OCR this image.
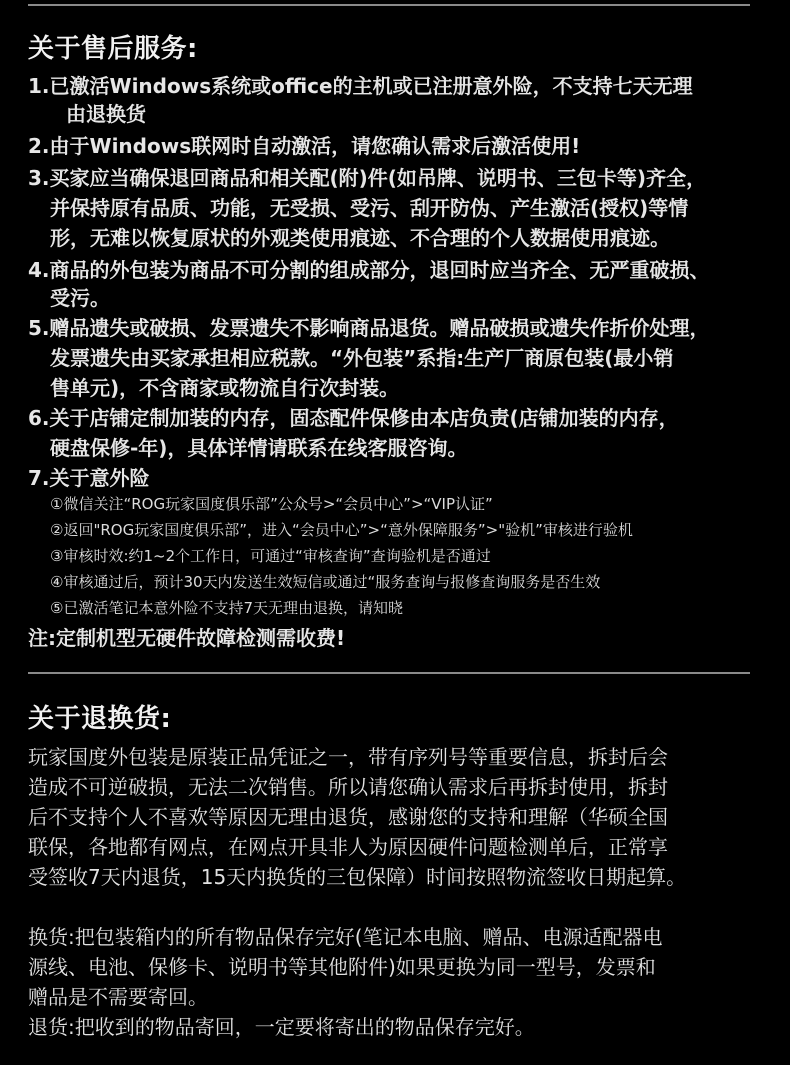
关于售后服务:
1.已激活Windows系统或office的主机或已注册意外险，不支持七天无理
由退换货
2.由于Windows联网时自动激活，请您确认需求后激活使用!
3.买家应当确保退回商品和相关配(附)件(如吊牌、说明书、三包卡等)齐全，
并保持原有品质、功能，无受损、受污、刮开防伪、产生激活(授权)等情
形，无难以恢复原状的外观类使用痕迹、不合理的个人数据使用痕迹。
4.商品的外包装为商品不可分割的组成部分，退回时应当齐全、无严重破损、
受污。
5.赠品遗失或破损、发票遗失不影响商品退货。赠品破损或遗失作折价处理，
发票遗失由买家承担相应税款。“外包装”系指:生产厂商原包装(最小销
售单元)，不含商家或物流自行次封装。
6.关于店铺定制加装的内存，固态配件保修由本店负责(店铺加装的内存，
硬盘保修-年)，具体详情请联系在线客服咨询。
7.关于意外险
①微信关注“ROG玩家国度俱乐部”公众号>“会员中心”>“VIP认证”
②返回"ROG玩家国度俱乐部”，进入“会员中心”>“意外保障服务”>"验机”审核进行验机
③审核时效:约1~2个工作日，可通过“审核查询”查询验机是否通过
④审核通过后，预计30天内发送生效短信或通过“服务查询与报修查询服务是否生效
⑤已激活笔记本意外险不支持7天无理由退换，请知晓
注:定制机型无硬件故障检测需收费!
关于退换货:
玩家国度外包装是原装正品凭证之一，带有序列号等重要信息，拆封后会
造成不可逆破损，无法二次销售。所以请您确认需求后再拆封使用，拆封
后不支持个人不喜欢等原因无理由退货，感谢您的支持和理解（华硕全国
联保，各地都有网点，在网点开具非人为原因硬件问题检测单后，正常享
受签收7天内退货，15天内换货的三包保障）时间按照物流签收日期起算。
换货:把包装箱内的所有物品保存完好(笔记本电脑、赠品、电源适配器电
源线、电池、保修卡、说明书等其他附件)如果更换为同一型号，发票和
赠品是不需要寄回。
退货:把收到的物品寄回，一定要将寄出的物品保存完好。
